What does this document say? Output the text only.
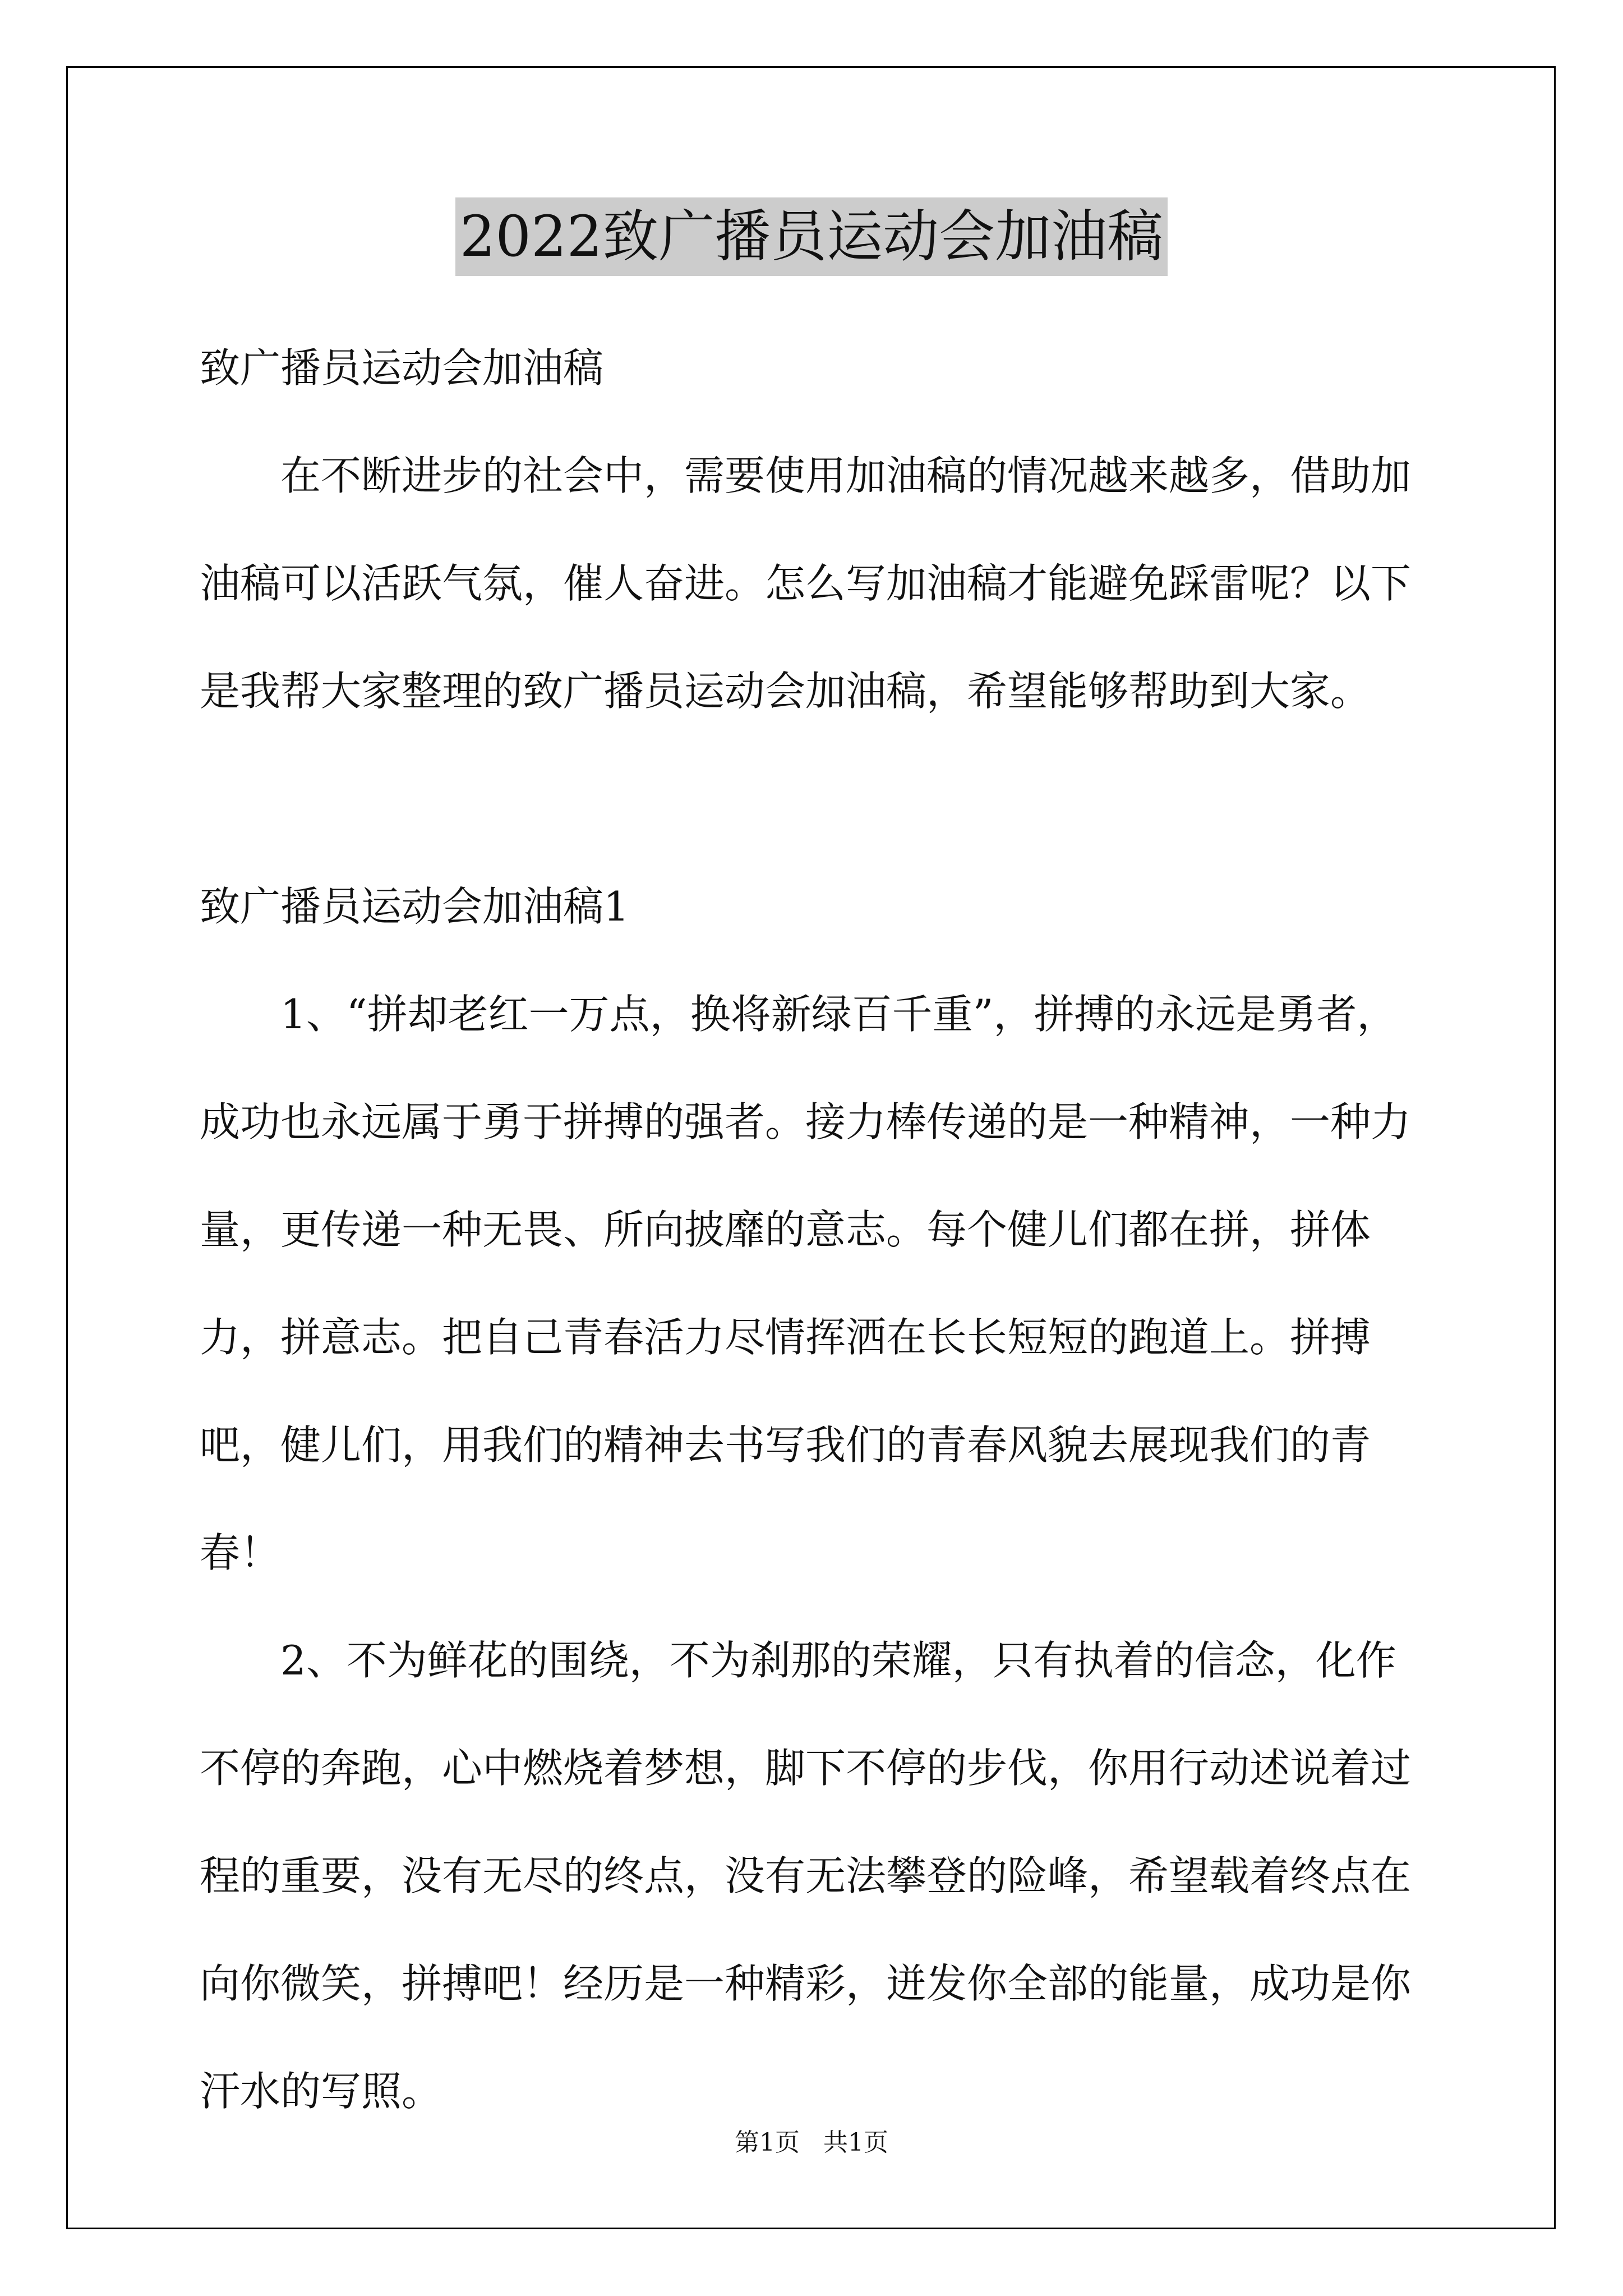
2022致广播员运动会加油稿

致广播员运动会加油稿

在不断进步的社会中，需要使用加油稿的情况越来越多，借助加油稿可以活跃气氛，催人奋进。怎么写加油稿才能避免踩雷呢？以下是我帮大家整理的致广播员运动会加油稿，希望能够帮助到大家。

致广播员运动会加油稿1

1、“拼却老红一万点，换将新绿百千重”，拼搏的永远是勇者，成功也永远属于勇于拼搏的强者。接力棒传递的是一种精神，一种力量，更传递一种无畏、所向披靡的意志。每个健儿们都在拼，拼体力，拼意志。把自己青春活力尽情挥洒在长长短短的跑道上。拼搏吧，健儿们，用我们的精神去书写我们的青春风貌去展现我们的青春！

2、不为鲜花的围绕，不为刹那的荣耀，只有执着的信念，化作不停的奔跑，心中燃烧着梦想，脚下不停的步伐，你用行动述说着过程的重要，没有无尽的终点，没有无法攀登的险峰，希望载着终点在向你微笑，拼搏吧！经历是一种精彩，迸发你全部的能量，成功是你汗水的写照。

第1页 共1页
